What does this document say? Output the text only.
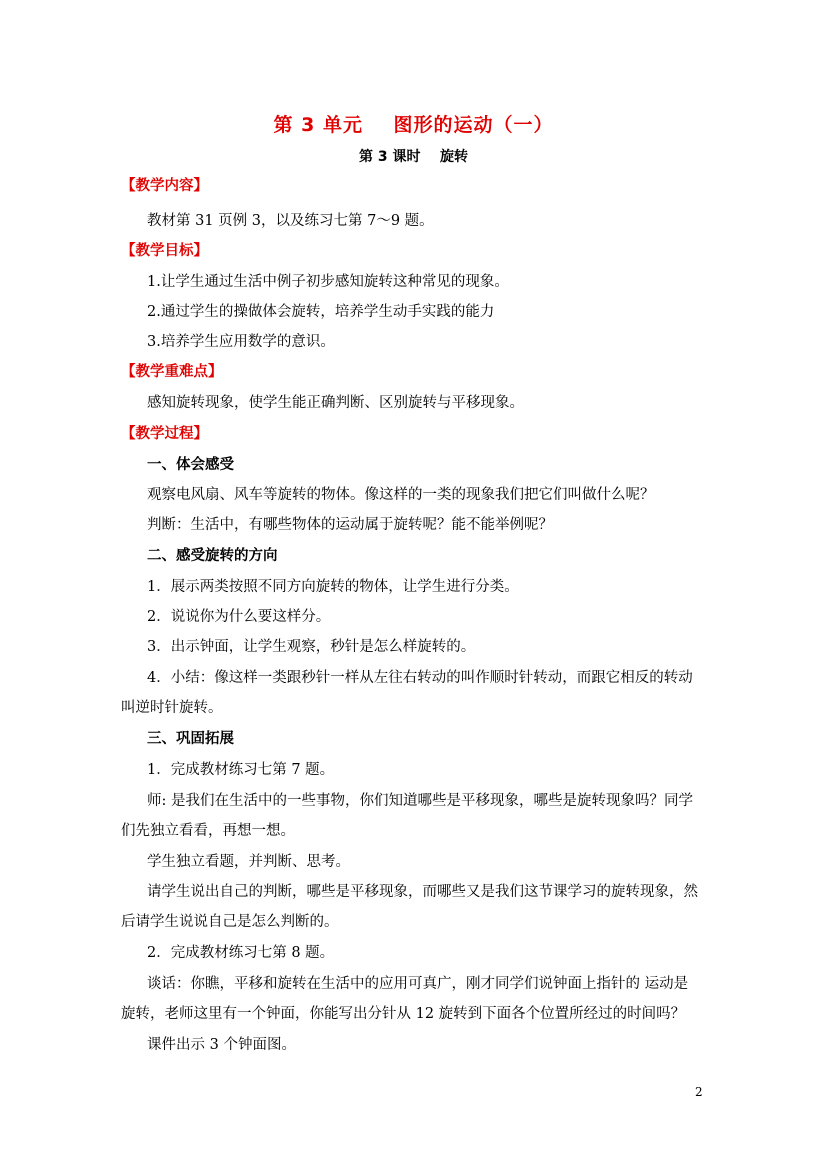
第 3 单元    图形的运动（一）
第 3 课时    旋转
【教学内容】
教材第 31 页例 3，以及练习七第 7～9 题。
【教学目标】
1.让学生通过生活中例子初步感知旋转这种常见的现象。
2.通过学生的操做体会旋转，培养学生动手实践的能力
3.培养学生应用数学的意识。
【教学重难点】
感知旋转现象，使学生能正确判断、区别旋转与平移现象。
【教学过程】
一、体会感受
观察电风扇、风车等旋转的物体。像这样的一类的现象我们把它们叫做什么呢？
判断：生活中，有哪些物体的运动属于旋转呢？能不能举例呢？
二、感受旋转的方向
1．展示两类按照不同方向旋转的物体，让学生进行分类。
2．说说你为什么要这样分。
3．出示钟面，让学生观察，秒针是怎么样旋转的。
4．小结：像这样一类跟秒针一样从左往右转动的叫作顺时针转动，而跟它相反的转动
叫逆时针旋转。
三、巩固拓展
1．完成教材练习七第 7 题。
师: 是我们在生活中的一些事物，你们知道哪些是平移现象，哪些是旋转现象吗？同学
们先独立看看，再想一想。
学生独立看题，并判断、思考。
请学生说出自己的判断，哪些是平移现象，而哪些又是我们这节课学习的旋转现象，然
后请学生说说自己是怎么判断的。
2．完成教材练习七第 8 题。
谈话：你瞧，平移和旋转在生活中的应用可真广，刚才同学们说钟面上指针的 运动是
旋转，老师这里有一个钟面，你能写出分针从 12 旋转到下面各个位置所经过的时间吗？
课件出示 3 个钟面图。
2
